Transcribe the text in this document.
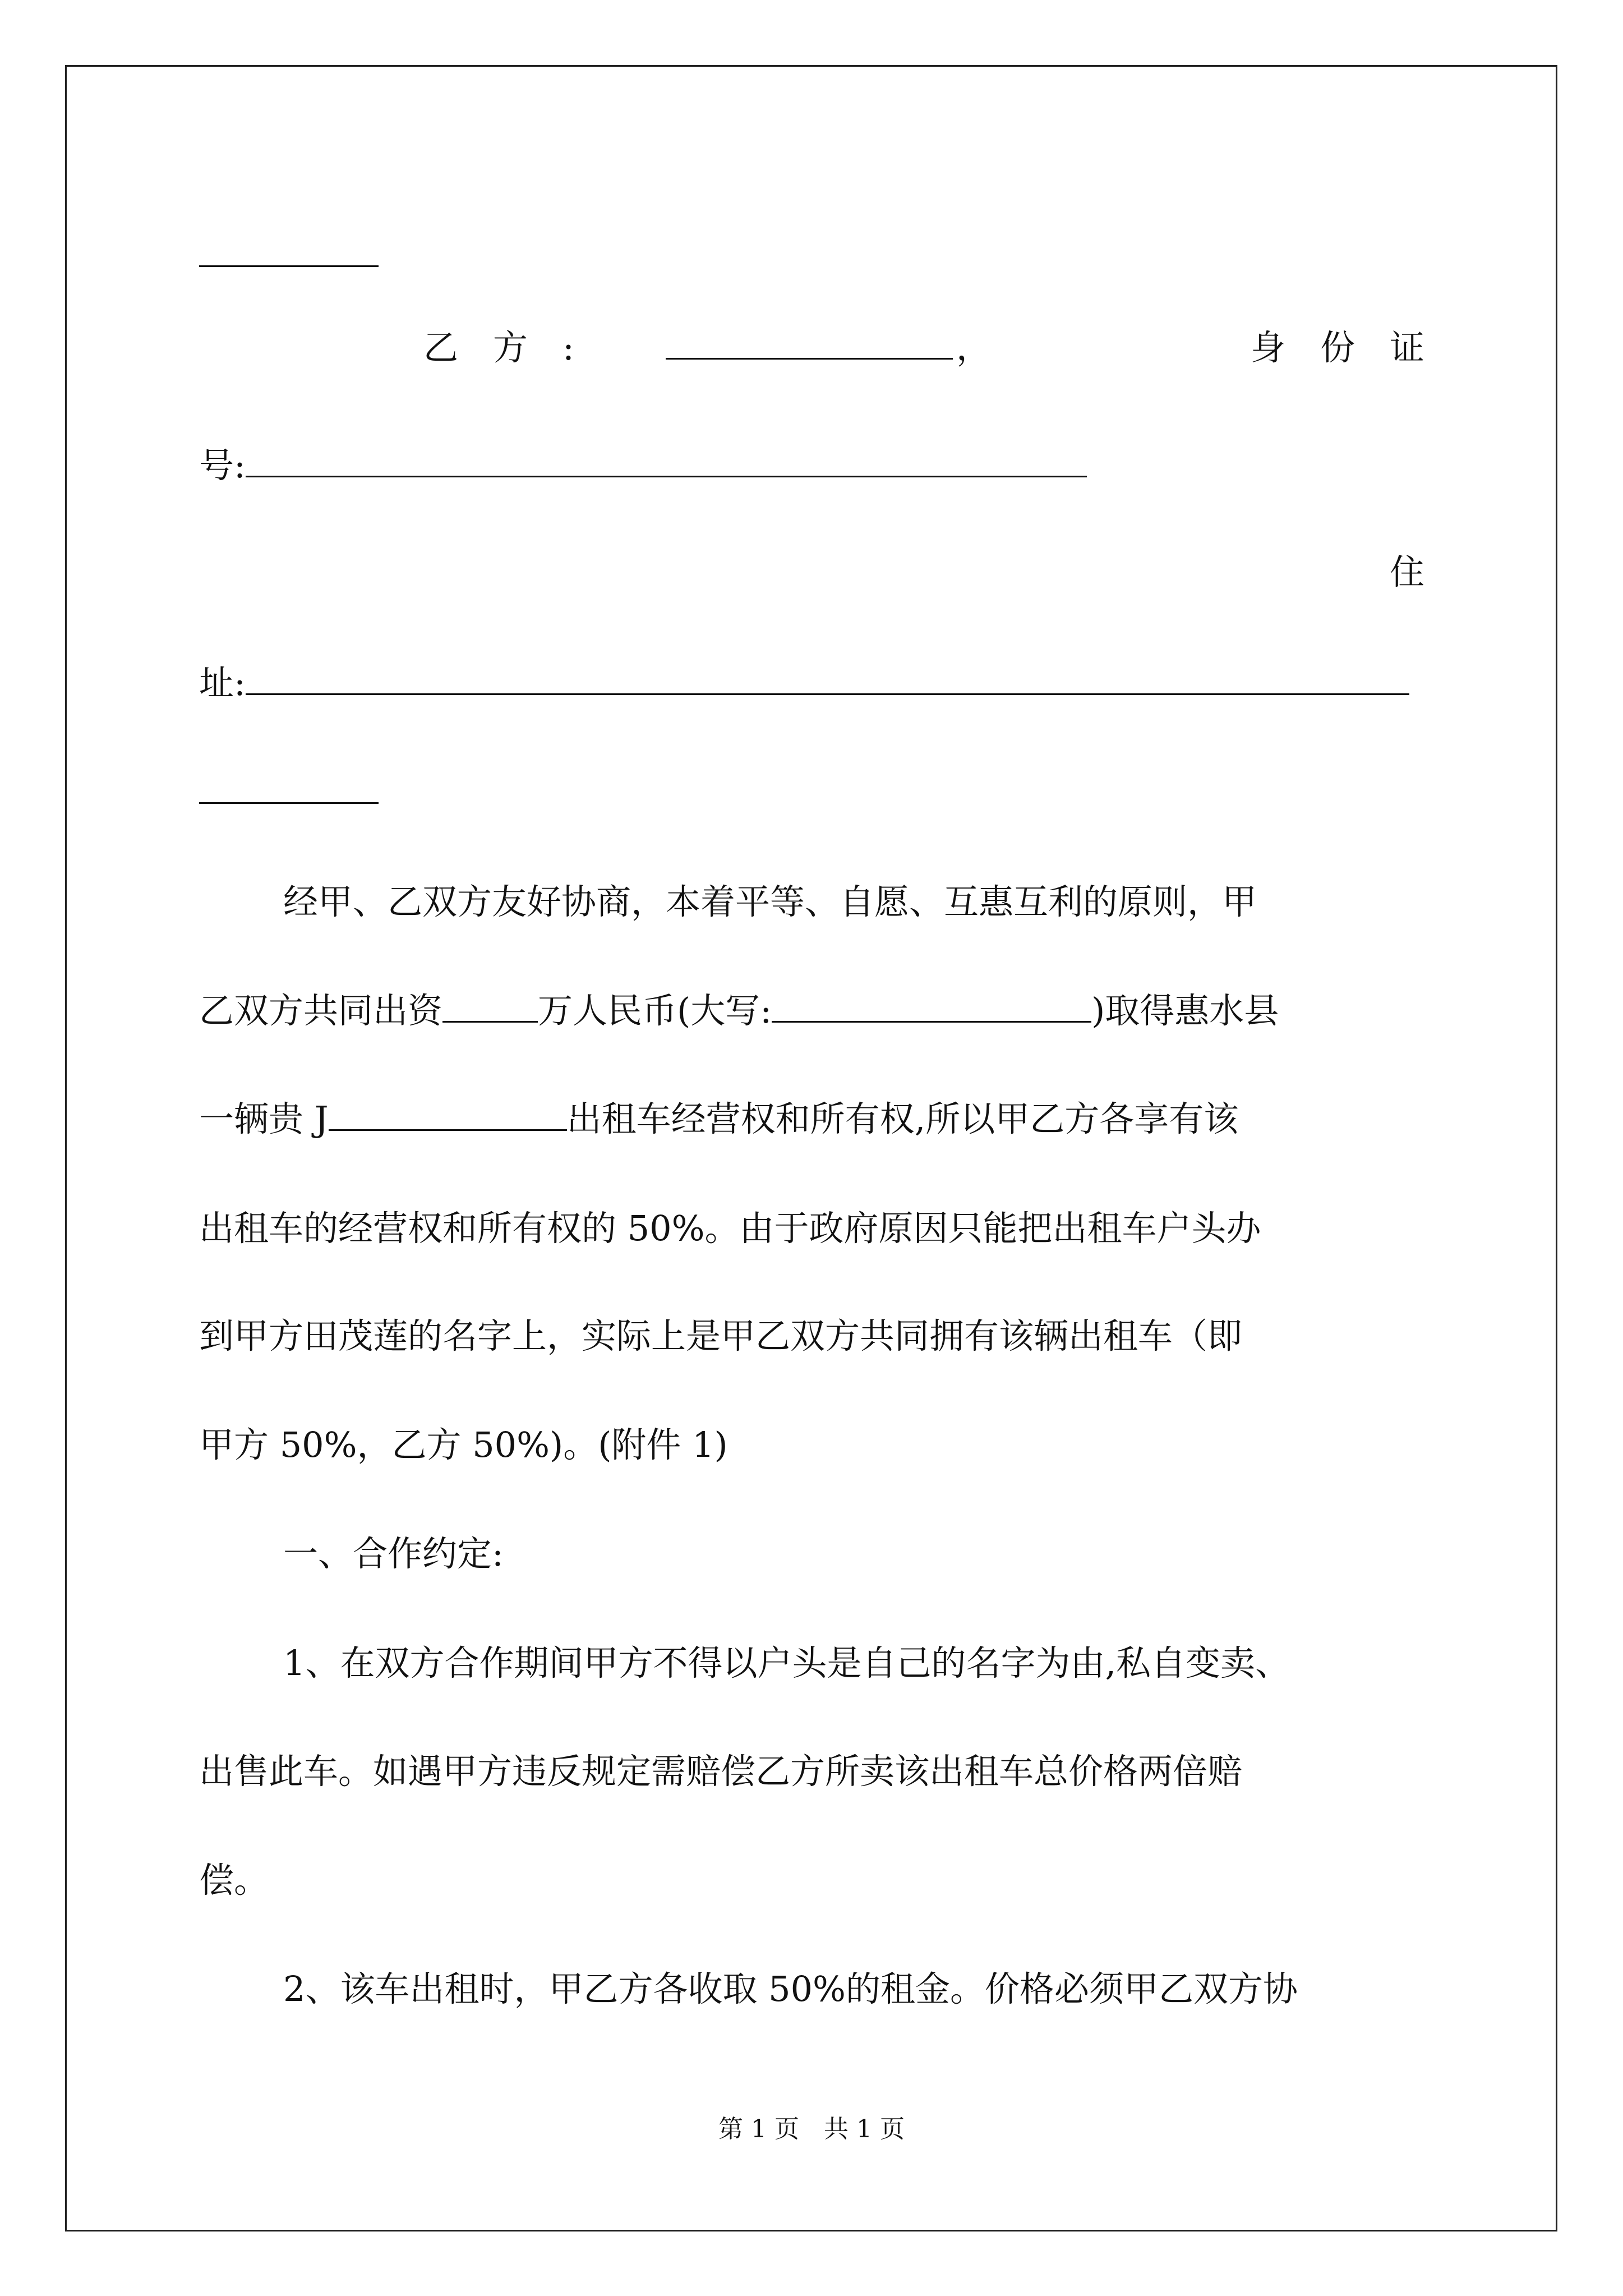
乙　方　:	，	身　份　证
号:
住
址:
经甲、乙双方友好协商，本着平等、自愿、互惠互利的原则，甲
乙双方共同出资	万人民币(大写:	)取得惠水县
一辆贵 J	出租车经营权和所有权,所以甲乙方各享有该
出租车的经营权和所有权的 50%。由于政府原因只能把出租车户头办
到甲方田茂莲的名字上，实际上是甲乙双方共同拥有该辆出租车（即
甲方 50%，乙方 50%)。(附件 1)
一、合作约定:
1、在双方合作期间甲方不得以户头是自己的名字为由,私自变卖、
出售此车。如遇甲方违反规定需赔偿乙方所卖该出租车总价格两倍赔
偿。
2、该车出租时，甲乙方各收取 50%的租金。价格必须甲乙双方协
第 1 页　共 1 页
